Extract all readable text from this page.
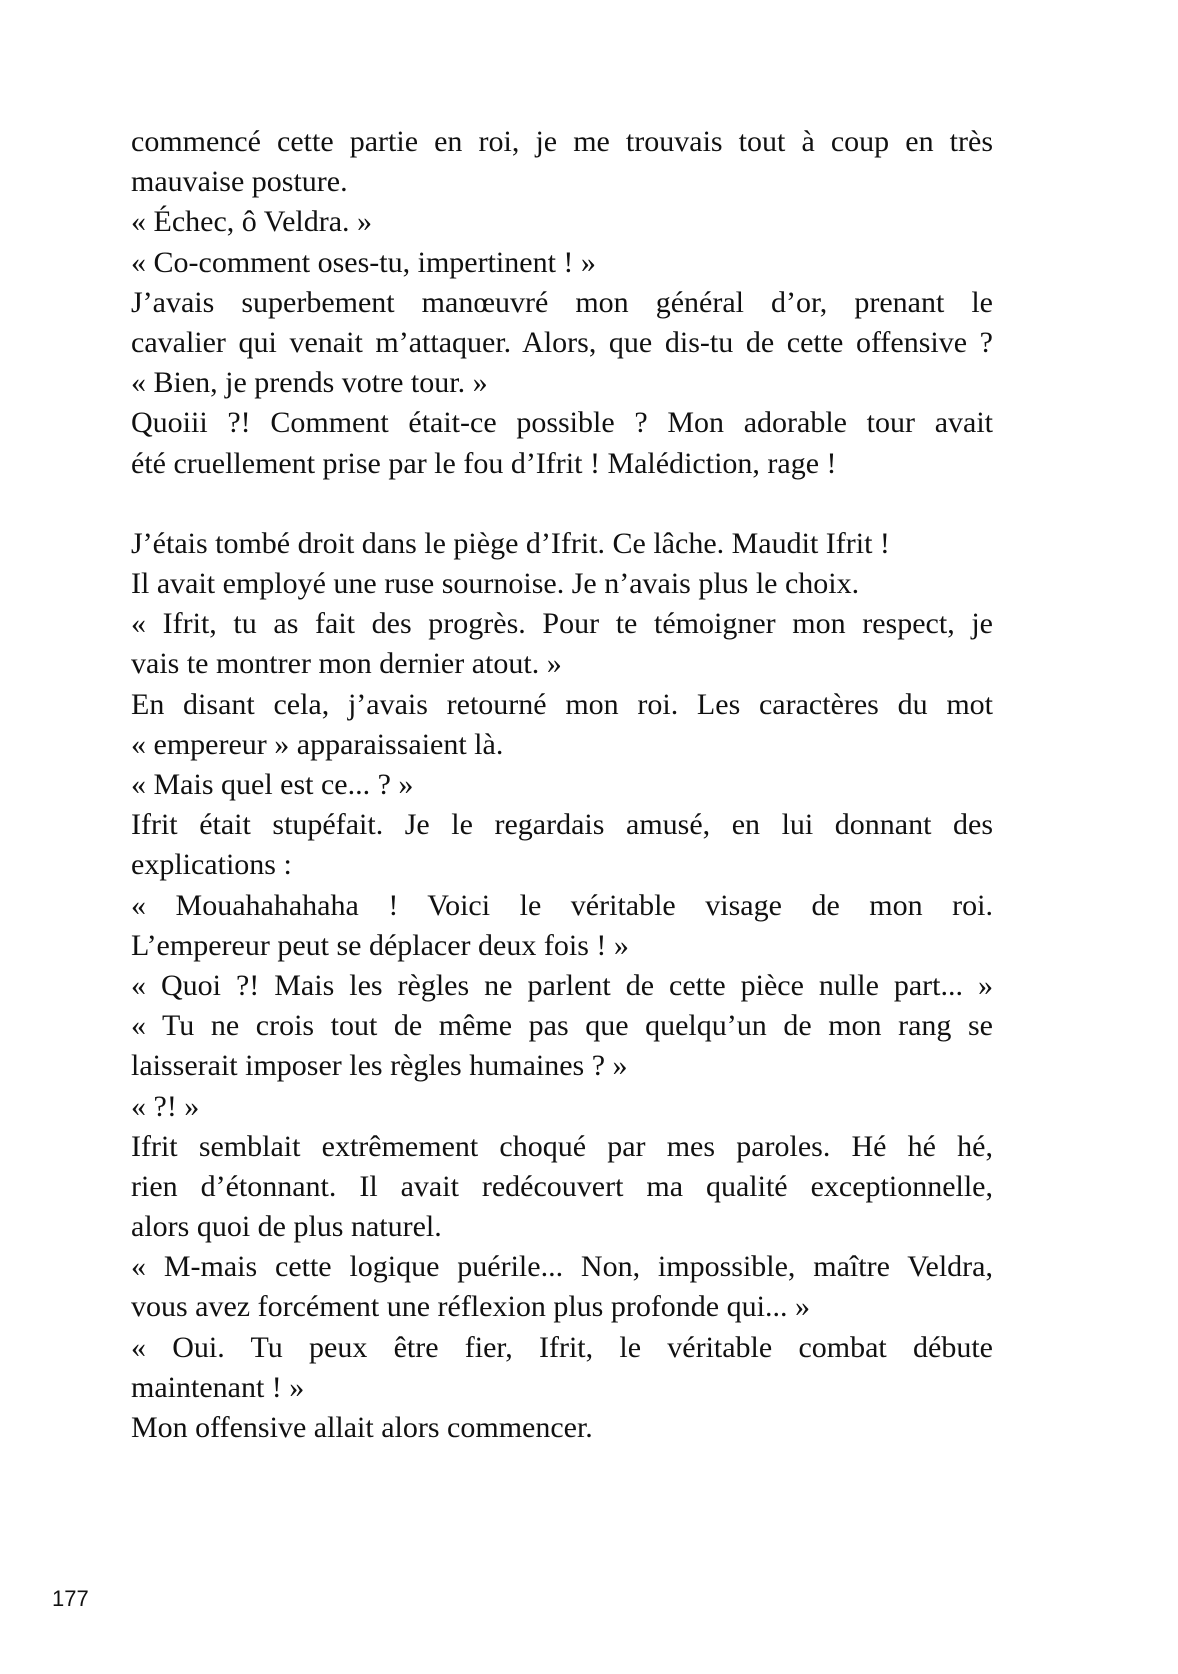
commencé cette partie en roi, je me trouvais tout à coup en très
mauvaise posture.
« Échec, ô Veldra. »
« Co-comment oses-tu, impertinent ! »
J’avais superbement manœuvré mon général d’or, prenant le
cavalier qui venait m’attaquer. Alors, que dis-tu de cette offensive ?
« Bien, je prends votre tour. »
Quoiii ?! Comment était-ce possible ? Mon adorable tour avait
été cruellement prise par le fou d’Ifrit ! Malédiction, rage !
J’étais tombé droit dans le piège d’Ifrit. Ce lâche. Maudit Ifrit !
Il avait employé une ruse sournoise. Je n’avais plus le choix.
« Ifrit, tu as fait des progrès. Pour te témoigner mon respect, je
vais te montrer mon dernier atout. »
En disant cela, j’avais retourné mon roi. Les caractères du mot
« empereur » apparaissaient là.
« Mais quel est ce... ? »
Ifrit était stupéfait. Je le regardais amusé, en lui donnant des
explications :
« Mouahahahaha ! Voici le véritable visage de mon roi.
L’empereur peut se déplacer deux fois ! »
« Quoi ?! Mais les règles ne parlent de cette pièce nulle part... »
« Tu ne crois tout de même pas que quelqu’un de mon rang se
laisserait imposer les règles humaines ? »
« ?! »
Ifrit semblait extrêmement choqué par mes paroles. Hé hé hé,
rien d’étonnant. Il avait redécouvert ma qualité exceptionnelle,
alors quoi de plus naturel.
« M-mais cette logique puérile... Non, impossible, maître Veldra,
vous avez forcément une réflexion plus profonde qui... »
« Oui. Tu peux être fier, Ifrit, le véritable combat débute
maintenant ! »
Mon offensive allait alors commencer.
177
